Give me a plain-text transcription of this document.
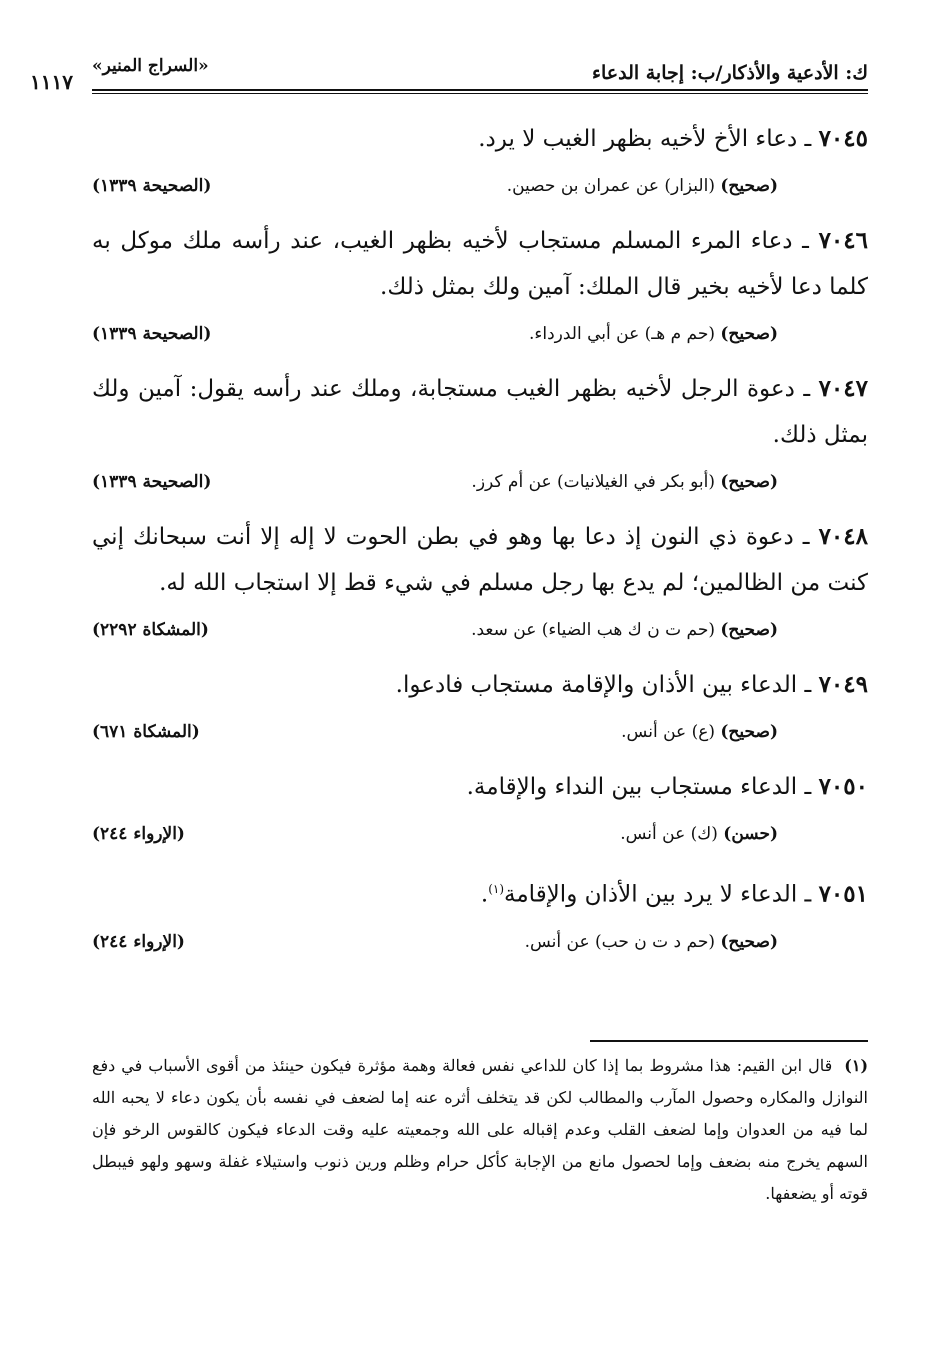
ك: الأدعية والأذكار/ب: إجابة الدعاء
«السراج المنير»
١١١٧

٧٠٤٥ ـ دعاء الأخ لأخيه بظهر الغيب لا يرد.

(صحيح) (البزار) عن عمران بن حصين.
(الصحيحة ١٣٣٩)

٧٠٤٦ ـ دعاء المرء المسلم مستجاب لأخيه بظهر الغيب، عند رأسه ملك موكل به كلما دعا لأخيه بخير قال الملك: آمين ولك بمثل ذلك.

(صحيح) (حم م هـ) عن أبي الدرداء.
(الصحيحة ١٣٣٩)

٧٠٤٧ ـ دعوة الرجل لأخيه بظهر الغيب مستجابة، وملك عند رأسه يقول: آمين ولك بمثل ذلك.

(صحيح) (أبو بكر في الغيلانيات) عن أم كرز.
(الصحيحة ١٣٣٩)

٧٠٤٨ ـ دعوة ذي النون إذ دعا بها وهو في بطن الحوت لا إله إلا أنت سبحانك إني كنت من الظالمين؛ لم يدع بها رجل مسلم في شيء قط إلا استجاب الله له.

(صحيح) (حم ت ن ك هب الضياء) عن سعد.
(المشكاة ٢٢٩٢)

٧٠٤٩ ـ الدعاء بين الأذان والإقامة مستجاب فادعوا.

(صحيح) (ع) عن أنس.
(المشكاة ٦٧١)

٧٠٥٠ ـ الدعاء مستجاب بين النداء والإقامة.

(حسن) (ك) عن أنس.
(الإرواء ٢٤٤)

٧٠٥١ ـ الدعاء لا يرد بين الأذان والإقامة$^{(١)}$.

(صحيح) (حم د ت ن حب) عن أنس.
(الإرواء ٢٤٤)
(١)قال ابن القيم: هذا مشروط بما إذا كان للداعي نفس فعالة وهمة مؤثرة فيكون حينئذ من أقوى الأسباب في دفع النوازل والمكاره وحصول المآرب والمطالب لكن قد يتخلف أثره عنه إما لضعف في نفسه بأن يكون دعاء لا يحبه الله لما فيه من العدوان وإما لضعف القلب وعدم إقباله على الله وجمعيته عليه وقت الدعاء فيكون كالقوس الرخو فإن السهم يخرج منه بضعف وإما لحصول مانع من الإجابة كأكل حرام وظلم ورين ذنوب واستيلاء غفلة وسهو ولهو فيبطل قوته أو يضعفها.
